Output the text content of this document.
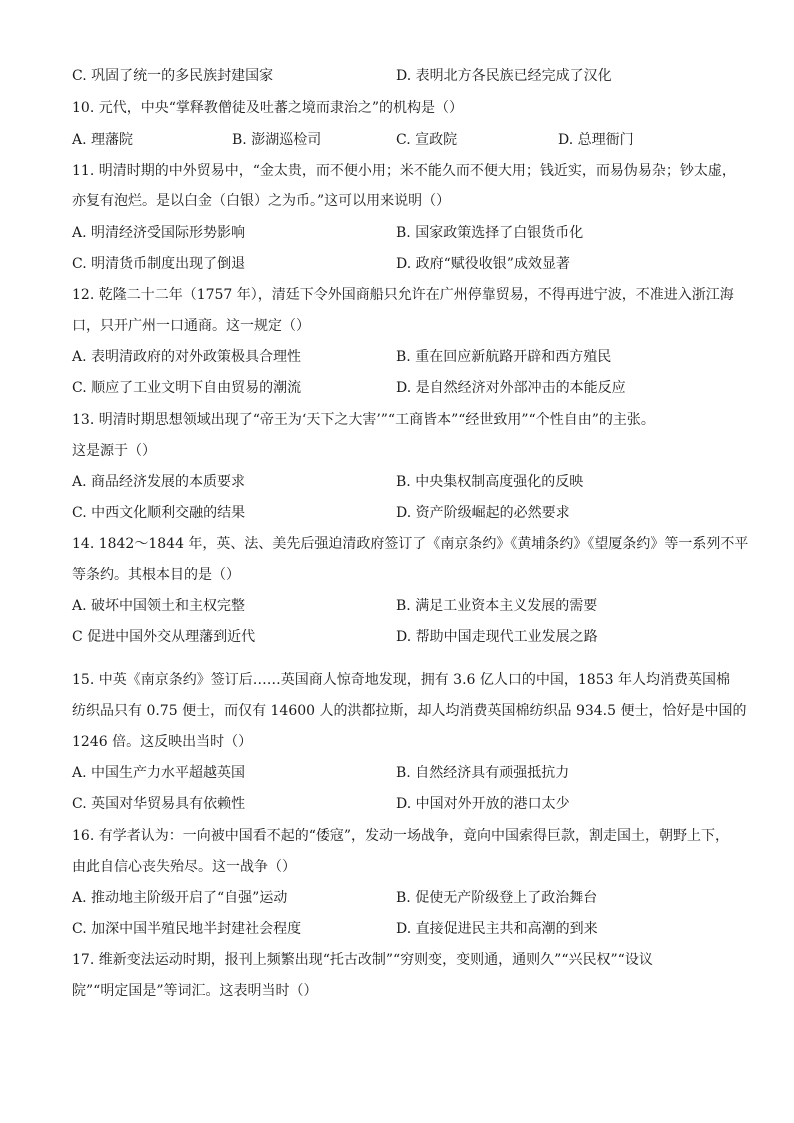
C. 巩固了统一的多民族封建国家	D. 表明北方各民族已经完成了汉化
10. 元代，中央“掌释教僧徒及吐蕃之境而隶治之”的机构是（）
A. 理藩院	B. 澎湖巡检司	C. 宣政院	D. 总理衙门
11. 明清时期的中外贸易中，“金太贵，而不便小用；米不能久而不便大用；钱近实，而易伪易杂；钞太虚，
亦复有泡烂。是以白金（白银）之为币。”这可以用来说明（）
A. 明清经济受国际形势影响	B. 国家政策选择了白银货币化
C. 明清货币制度出现了倒退	D. 政府“赋役收银”成效显著
12. 乾隆二十二年（1757 年），清廷下令外国商船只允许在广州停靠贸易，不得再进宁波，不准进入浙江海
口，只开广州一口通商。这一规定（）
A. 表明清政府的对外政策极具合理性	B. 重在回应新航路开辟和西方殖民
C. 顺应了工业文明下自由贸易的潮流	D. 是自然经济对外部冲击的本能反应
13. 明清时期思想领域出现了“帝王为‘天下之大害’”“工商皆本”“经世致用”“个性自由”的主张。
这是源于（）
A. 商品经济发展的本质要求	B. 中央集权制高度强化的反映
C. 中西文化顺利交融的结果	D. 资产阶级崛起的必然要求
14. 1842～1844 年，英、法、美先后强迫清政府签订了《南京条约》《黄埔条约》《望厦条约》等一系列不平
等条约。其根本目的是（）
A. 破坏中国领土和主权完整	B. 满足工业资本主义发展的需要
C 促进中国外交从理藩到近代	D. 帮助中国走现代工业发展之路
15. 中英《南京条约》签订后……英国商人惊奇地发现，拥有 3.6 亿人口的中国，1853 年人均消费英国棉
纺织品只有 0.75 便士，而仅有 14600 人的洪都拉斯，却人均消费英国棉纺织品 934.5 便士，恰好是中国的
1246 倍。这反映出当时（）
A. 中国生产力水平超越英国	B. 自然经济具有顽强抵抗力
C. 英国对华贸易具有依赖性	D. 中国对外开放的港口太少
16. 有学者认为：一向被中国看不起的“倭寇”，发动一场战争，竟向中国索得巨款，割走国土，朝野上下，
由此自信心丧失殆尽。这一战争（）
A. 推动地主阶级开启了“自强”运动	B. 促使无产阶级登上了政治舞台
C. 加深中国半殖民地半封建社会程度	D. 直接促进民主共和高潮的到来
17. 维新变法运动时期，报刊上频繁出现“托古改制”“穷则变，变则通，通则久”“兴民权”“设议
院”“明定国是”等词汇。这表明当时（）
